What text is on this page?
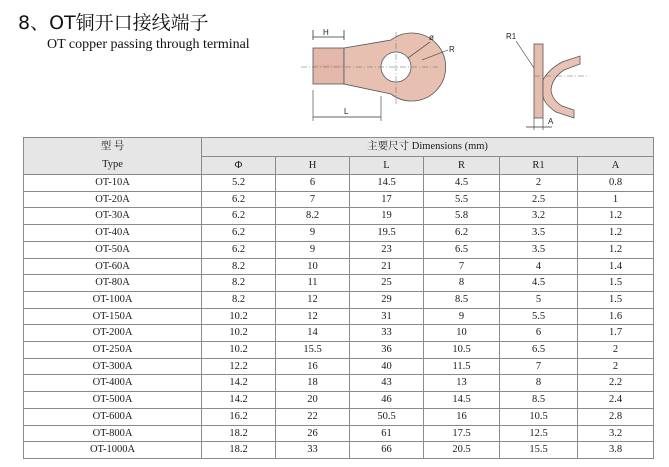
8、OT铜开口接线端子
OT copper passing through terminal
H
ø
R
L
R1
A
型 号
Type	主要尺寸 Dimensions (mm)					
	Φ	H	L	R	R1	A
OT-10A	5.2	6	14.5	4.5	2	0.8
OT-20A	6.2	7	17	5.5	2.5	1
OT-30A	6.2	8.2	19	5.8	3.2	1.2
OT-40A	6.2	9	19.5	6.2	3.5	1.2
OT-50A	6.2	9	23	6.5	3.5	1.2
OT-60A	8.2	10	21	7	4	1.4
OT-80A	8.2	11	25	8	4.5	1.5
OT-100A	8.2	12	29	8.5	5	1.5
OT-150A	10.2	12	31	9	5.5	1.6
OT-200A	10.2	14	33	10	6	1.7
OT-250A	10.2	15.5	36	10.5	6.5	2
OT-300A	12.2	16	40	11.5	7	2
OT-400A	14.2	18	43	13	8	2.2
OT-500A	14.2	20	46	14.5	8.5	2.4
OT-600A	16.2	22	50.5	16	10.5	2.8
OT-800A	18.2	26	61	17.5	12.5	3.2
OT-1000A	18.2	33	66	20.5	15.5	3.8
